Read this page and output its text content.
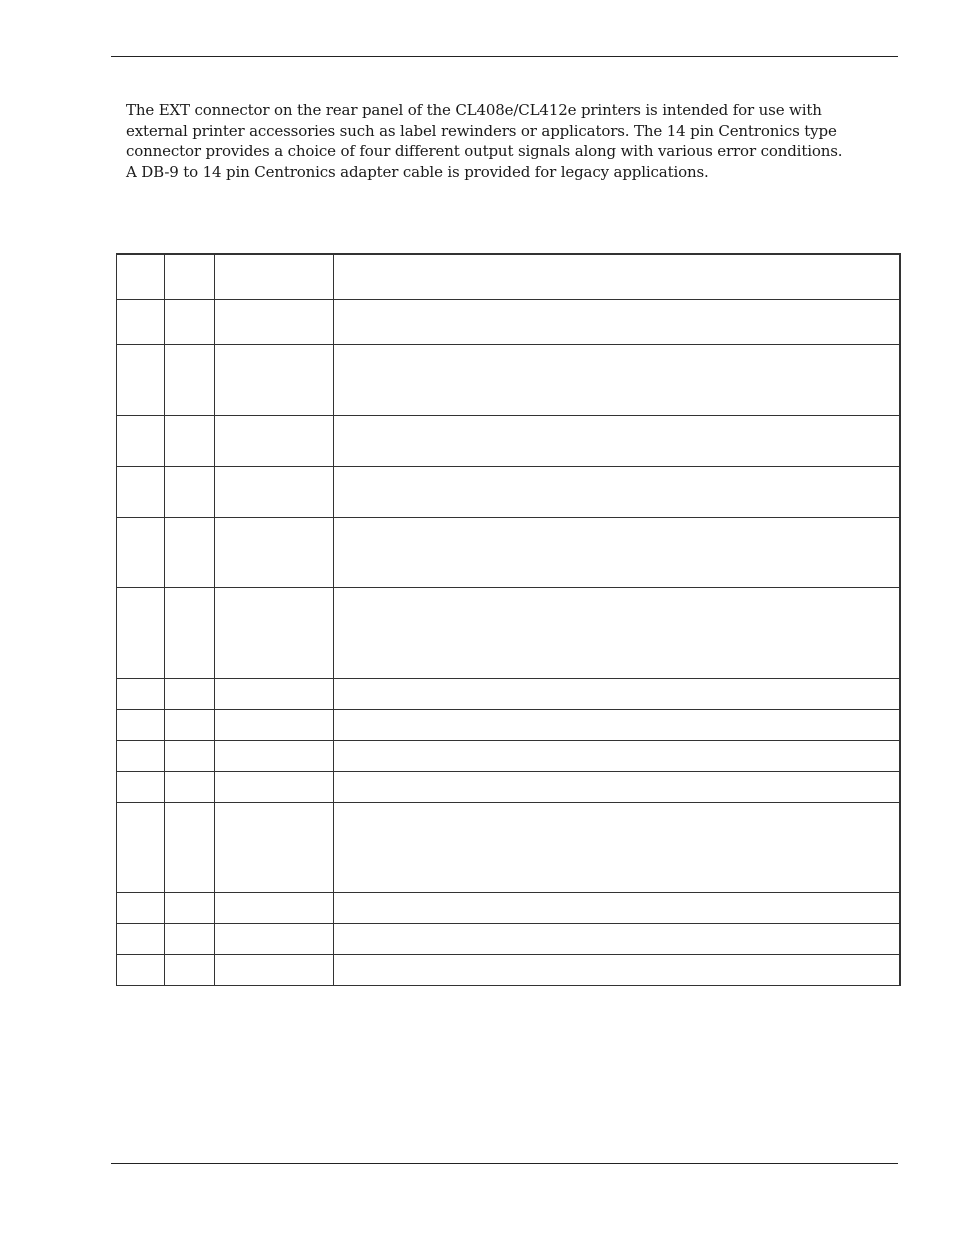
The EXT connector on the rear panel of the CL408e/CL412e printers is intended for use with external printer accessories such as label rewinders or applicators. The 14 pin Centronics type connector provides a choice of four different output signals along with various error conditions. A DB-9 to 14 pin Centronics adapter cable is provided for legacy applications.
